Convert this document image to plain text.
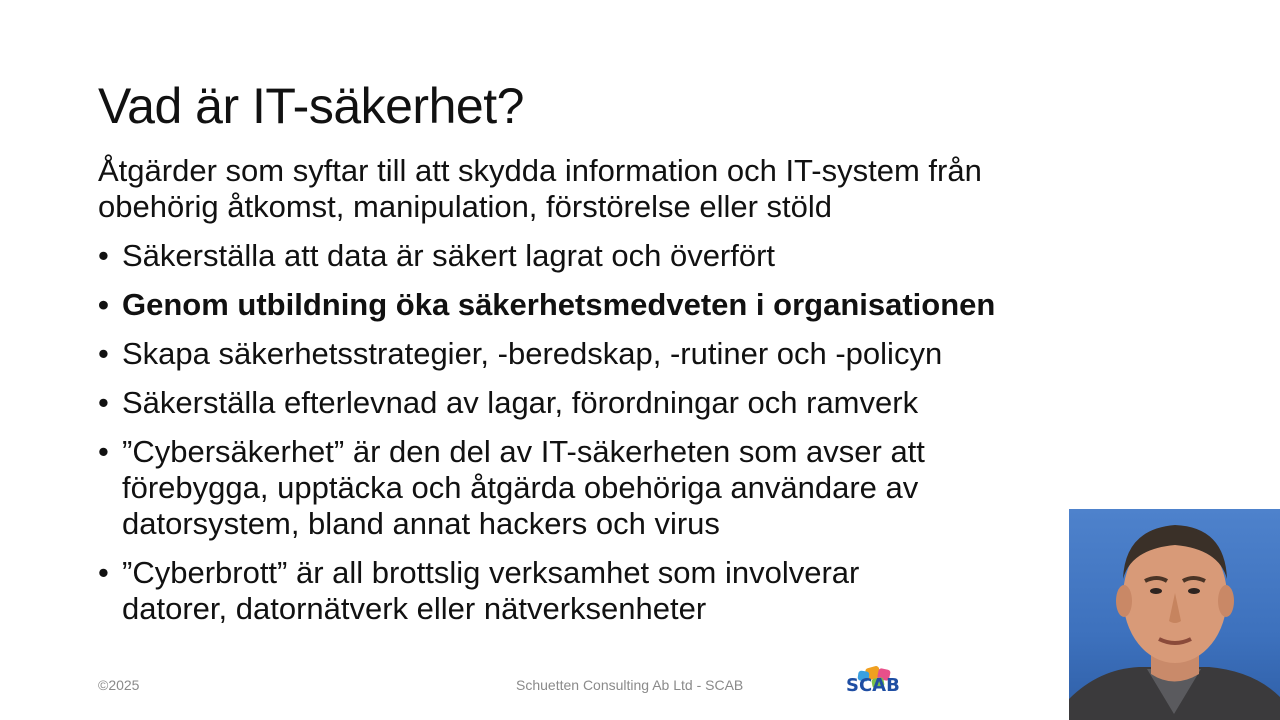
Vad är IT-säkerhet?
Åtgärder som syftar till att skydda information och IT-system från
obehörig åtkomst, manipulation, förstörelse eller stöld
• Säkerställa att data är säkert lagrat och överfört
• Genom utbildning öka säkerhetsmedveten i organisationen
• Skapa säkerhetsstrategier, -beredskap, -rutiner och -policyn
• Säkerställa efterlevnad av lagar, förordningar och ramverk
• ”Cybersäkerhet” är den del av IT-säkerheten som avser att
förebygga, upptäcka och åtgärda obehöriga användare av
datorsystem, bland annat hackers och virus
• ”Cyberbrott” är all brottslig verksamhet som involverar
datorer, datornätverk eller nätverksenheter
©2025	Schuetten Consulting Ab Ltd - SCAB	SCAB
